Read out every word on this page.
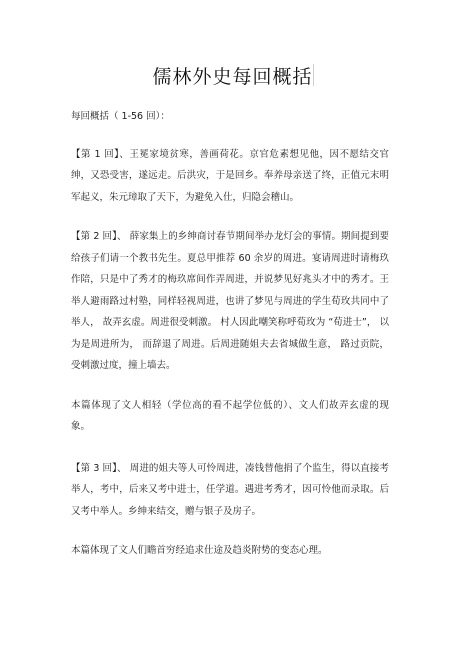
儒林外史每回概括

每回概括（ 1-56 回）：

【第 1 回】、王冕家境贫寒，善画荷花。京官危素想见他，因不愿结交官绅，又恐受害，遂远走。后洪灾，于是回乡。奉养母亲送了终，正值元末明军起义，朱元璋取了天下，为避免入仕，归隐会稽山。

【第 2 回】、 薛家集上的乡绅商讨春节期间举办龙灯会的事情。期间提到要给孩子们请一个教书先生。夏总甲推荐 60 余岁的周进。宴请周进时请梅玖作陪，只是中了秀才的梅玖席间作弄周进，并说梦见好兆头才中的秀才。王举人避雨路过村塾，同样轻视周进，也讲了梦见与周进的学生荀玫共同中了举人， 故弄玄虚。周进很受刺激。 村人因此嘲笑称呼荀玫为 “荀进士”， 以为是周进所为， 而辞退了周进。后周进随姐夫去省城做生意， 路过贡院，受刺激过度，撞上墙去。

本篇体现了文人相轻（学位高的看不起学位低的）、文人们故弄玄虚的现象。

【第 3 回】、 周进的姐夫等人可怜周进，凑钱替他捐了个监生，得以直接考举人，考中，后来又考中进士，任学道。遇进考秀才，因可怜他而录取。后又考中举人。乡绅来结交，赠与银子及房子。

本篇体现了文人们瞻首穷经追求仕途及趋炎附势的变态心理。
